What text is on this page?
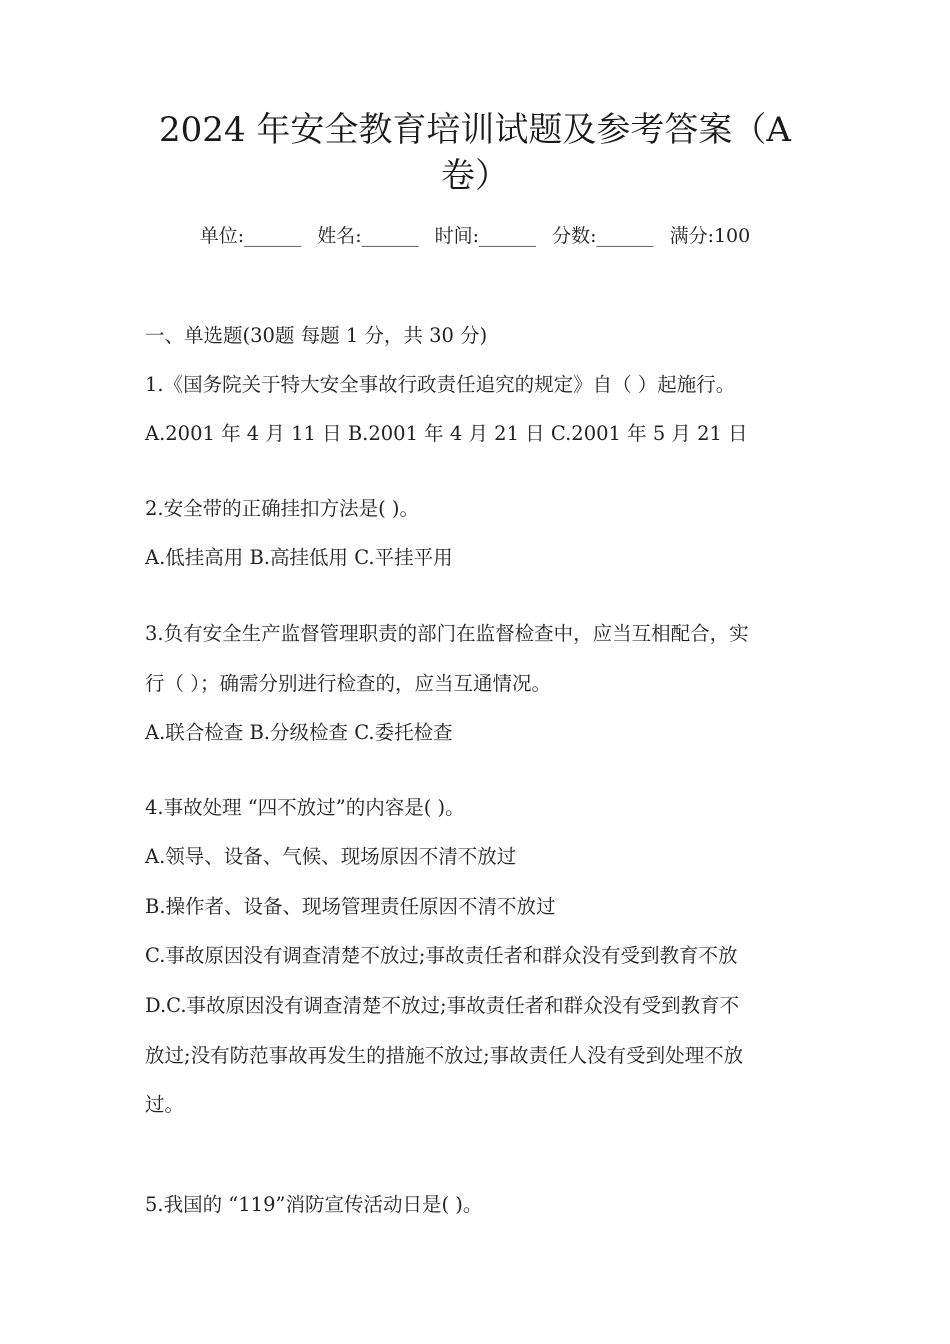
2024 年安全教育培训试题及参考答案（A
卷）
单位:______ 姓名:______ 时间:______ 分数:______ 满分:100
一、单选题(30题 每题 1 分，共 30 分)
1.《国务院关于特大安全事故行政责任追究的规定》自（ ）起施行。
A.2001 年 4 月 11 日 B.2001 年 4 月 21 日 C.2001 年 5 月 21 日
2.安全带的正确挂扣方法是( )。
A.低挂高用 B.高挂低用 C.平挂平用
3.负有安全生产监督管理职责的部门在监督检查中，应当互相配合，实
行（ ）；确需分别进行检查的，应当互通情况。
A.联合检查 B.分级检查 C.委托检查
4.事故处理 “四不放过”的内容是( )。
A.领导、设备、气候、现场原因不清不放过
B.操作者、设备、现场管理责任原因不清不放过
C.事故原因没有调查清楚不放过;事故责任者和群众没有受到教育不放
D.C.事故原因没有调查清楚不放过;事故责任者和群众没有受到教育不
放过;没有防范事故再发生的措施不放过;事故责任人没有受到处理不放
过。
5.我国的 “119”消防宣传活动日是( )。
